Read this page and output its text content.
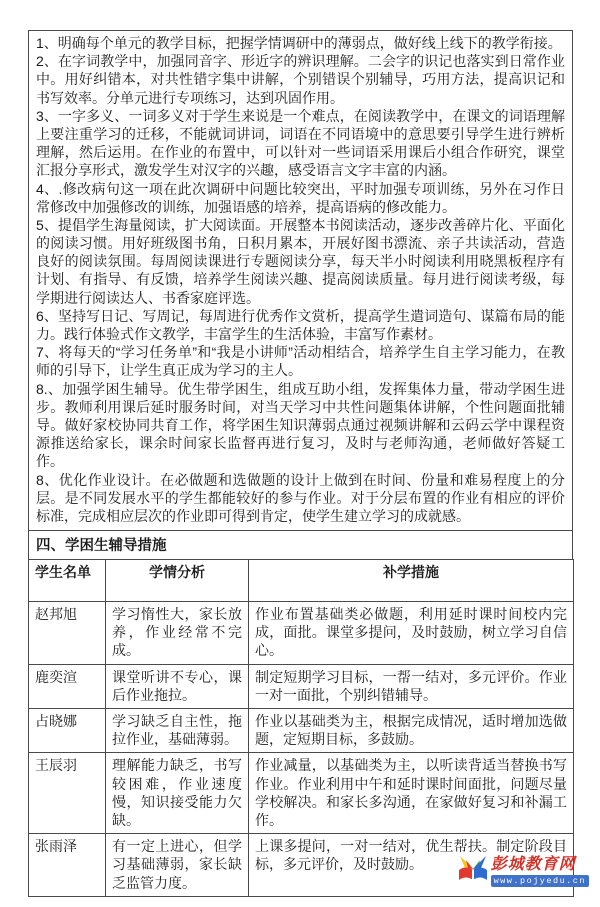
1、明确每个单元的教学目标，把握学情调研中的薄弱点，做好线上线下的教学衔接。

2、在字词教学中，加强同音字、形近字的辨识理解。二会字的识记也落实到日常作业中。用好纠错本，对共性错字集中讲解，个别错误个别辅导，巧用方法，提高识记和书写效率。分单元进行专项练习，达到巩固作用。

3、一字多义、一词多义对于学生来说是一个难点，在阅读教学中，在课文的词语理解上要注重学习的迁移，不能就词讲词，词语在不同语境中的意思要引导学生进行辨析理解，然后运用。在作业的布置中，可以针对一些词语采用课后小组合作研究，课堂汇报分享形式，激发学生对汉字的兴趣，感受语言文字丰富的内涵。

4、.修改病句这一项在此次调研中问题比较突出，平时加强专项训练，另外在习作日常修改中加强修改的训练，加强语感的培养，提高语病的修改能力。

5、提倡学生海量阅读，扩大阅读面。开展整本书阅读活动，逐步改善碎片化、平面化的阅读习惯。用好班级图书角，日积月累本，开展好图书漂流、亲子共读活动，营造良好的阅读氛围。每周阅读课进行专题阅读分享，每天半小时阅读利用晓黑板程序有计划、有指导、有反馈，培养学生阅读兴趣、提高阅读质量。每月进行阅读考级，每学期进行阅读达人、书香家庭评选。

6、坚持写日记、写周记，每周进行优秀作文赏析，提高学生遣词造句、谋篇布局的能力。践行体验式作文教学，丰富学生的生活体验，丰富写作素材。

7、将每天的“学习任务单”和“我是小讲师”活动相结合，培养学生自主学习能力，在教师的引导下，让学生真正成为学习的主人。

8.、加强学困生辅导。优生带学困生，组成互助小组，发挥集体力量，带动学困生进步。教师利用课后延时服务时间，对当天学习中共性问题集体讲解，个性问题面批辅导。做好家校协同共育工作，将学困生知识薄弱点通过视频讲解和云码云学中课程资源推送给家长，课余时间家长监督再进行复习，及时与老师沟通，老师做好答疑工作。

8、优化作业设计。在必做题和选做题的设计上做到在时间、份量和难易程度上的分层。是不同发展水平的学生都能较好的参与作业。对于分层布置的作业有相应的评价标准，完成相应层次的作业即可得到肯定，使学生建立学习的成就感。

四、学困生辅导措施
学生名单	学情分析	补学措施
赵邦旭	学习惰性大，家长放养，作业经常不完成。	作业布置基础类必做题，利用延时课时间校内完成，面批。课堂多提问，及时鼓励，树立学习自信心。
鹿奕渲	课堂听讲不专心，课后作业拖拉。	制定短期学习目标，一帮一结对，多元评价。作业一对一面批，个别纠错辅导。
占晓娜	学习缺乏自主性，拖拉作业，基础薄弱。	作业以基础类为主，根据完成情况，适时增加选做题，定短期目标，多鼓励。
王辰羽	理解能力缺乏，书写较困难，作业速度慢，知识接受能力欠缺。	作业减量，以基础类为主，以听读背适当替换书写作业。作业利用中午和延时课时间面批，问题尽量学校解决。和家长多沟通，在家做好复习和补漏工作。
张雨泽	有一定上进心，但学习基础薄弱，家长缺乏监管力度。	上课多提问，一对一结对，优生帮扶。制定阶段目标，多元评价，及时鼓励。	彭城教育网
www.pojyedu.cn
